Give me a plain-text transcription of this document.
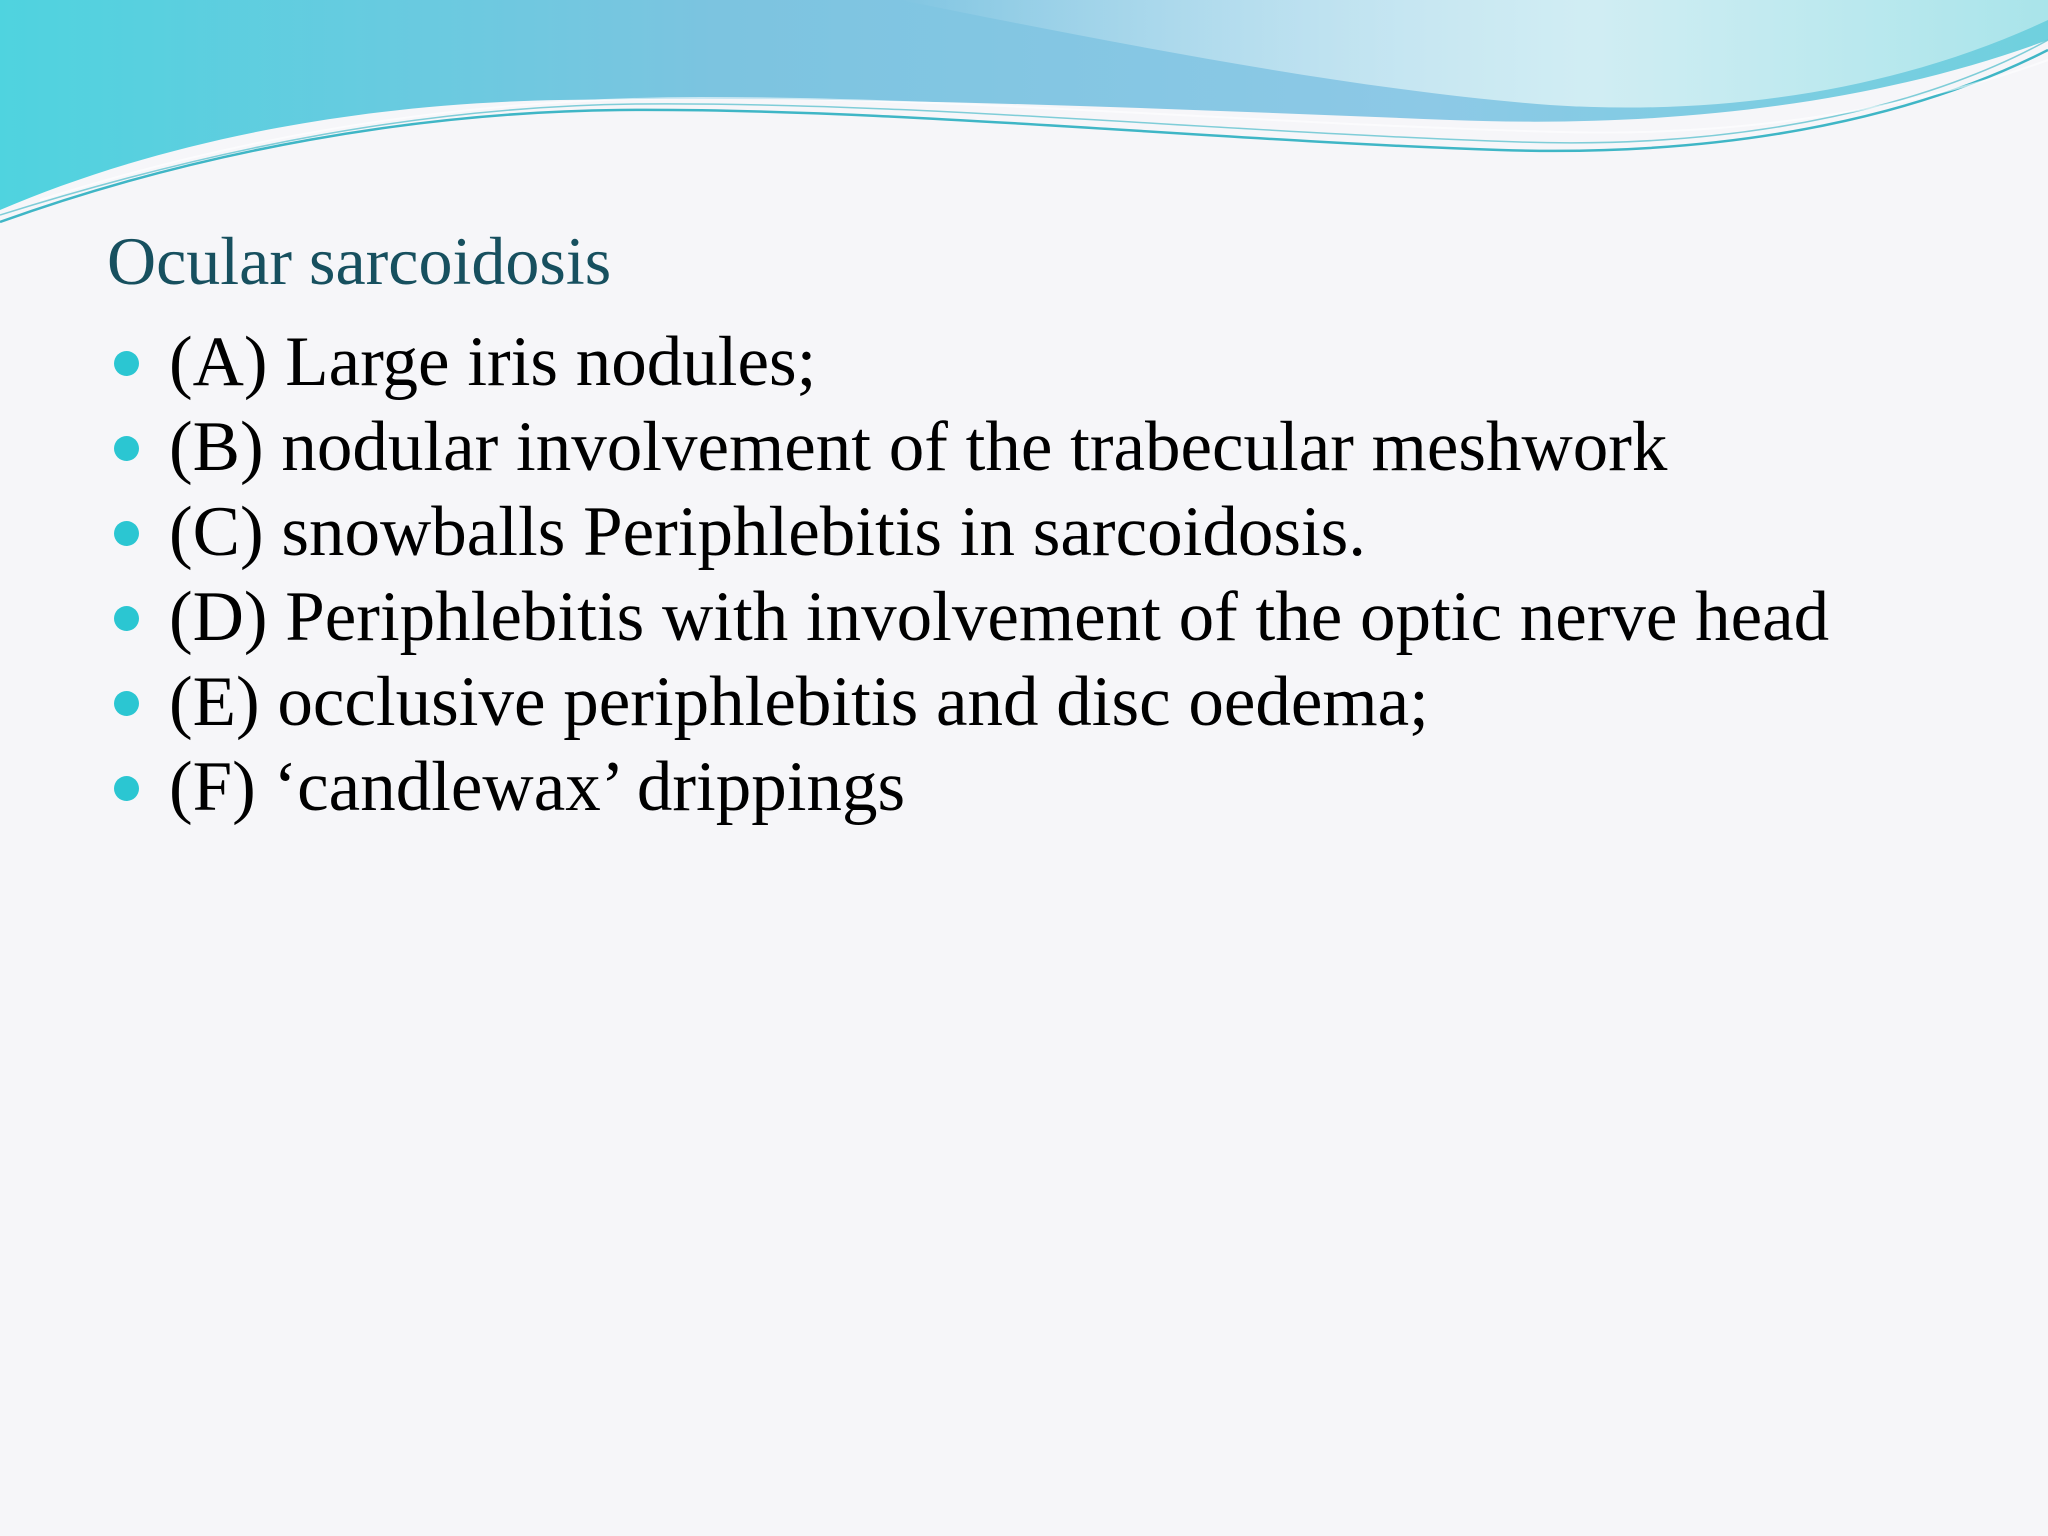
Ocular sarcoidosis
(A) Large iris nodules;
(B) nodular involvement of the trabecular meshwork
(C) snowballs Periphlebitis in sarcoidosis.
(D) Periphlebitis with involvement of the optic nerve head
(E) occlusive periphlebitis and disc oedema;
(F) ‘candlewax’ drippings
